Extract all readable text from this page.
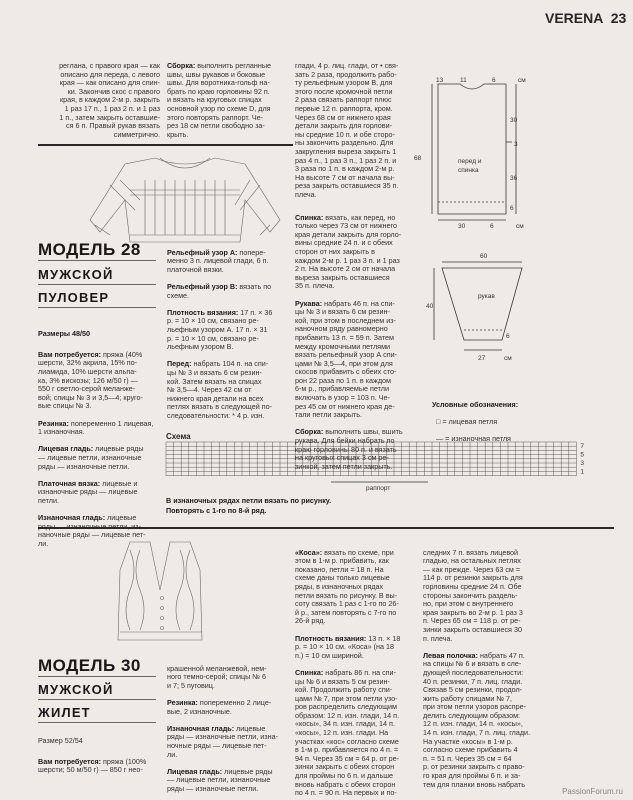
VERENA 23
реглана, с правого края — как
описано для переда, с левого
края — как описано для спин-
ки. Закончив скос с правого
края, в каждом 2-м р. закрыть
1 раз 17 п., 1 раз 2 п. и 1 раз
1 п., затем закрыть оставшие-
ся 6 п. Правый рукав вязать
симметрично.
Сборка: выполнить регланные
швы, швы рукавов и боковые
швы. Для воротника-гольф на-
брать по краю горловины 92 п.
и вязать на круговых спицах
основной узор по схеме D, для
этого повторять раппорт. Че-
рез 18 см петли свободно за-
крыть.
глади, 4 р. лиц. глади, от • свя-
зать 2 раза, продолжить рабо-
ту рельефным узором В, для
этого после кромочной петли
2 раза связать раппорт плюс
первые 12 п. раппорта, кром.
Через 68 см от нижнего края
детали закрыть для горлови-
ны средние 10 п. и обе сторо-
ны закончить раздельно. Для
закругления выреза закрыть 1
раз 4 п., 1 раз 3 п., 1 раз 2 п. и
3 раза по 1 п. в каждом 2-м р.
На высоте 7 см от начала вы-
реза закрыть оставшиеся 35 п.
плеча.
МОДЕЛЬ 28
МУЖСКОЙ
ПУЛОВЕР

Размеры 48/50

Вам потребуется: пряжа (40%
шерсти, 32% акрила, 15% по-
лиамида, 10% шерсти альпа-
ка, 3% вискозы; 126 м/50 г) —
550 г светло-серой меланже-
вой; спицы № 3 и 3,5—4; круго-
вые спицы № 3.

Резинка: попеременно 1 лицевая,
1 изнаночная.

Лицевая гладь: лицевые ряды
— лицевые петли, изнаночные
ряды — изнаночные петли.

Платочная вязка: лицевые и
изнаночные ряды — лицевые
петли.

Изнаночная гладь: лицевые

наночные ряды — лицевые пет-
ли.

Рельефный узор А: попере-
менно 3 п. лицевой глади, 6 п.
платочной вязки.

Рельефный узор В: вязать по
схеме.

Плотность вязания: 17 п. × 36
р. = 10 × 10 см, связано ре-
льефным узором А. 17 п. × 31
р. = 10 × 10 см, связано ре-
льефным узором В.

Перед: набрать 104 п. на спи-
цы № 3 и вязать 6 см резин-
кой. Затем вязать на спицах
№ 3,5—4. Через 42 см от
нижнего края детали на всех
петлях вязать в следующей по-
следовательности: * 4 р. изн.

Спинка: вязать, как перед, но
только через 73 см от нижнего
края детали закрыть для горло-
вины средние 24 п. и с обеих
сторон от них закрыть в
каждом 2-м р. 1 раз 3 п. и 1 раз
2 п. На высоте 2 см от начала
выреза закрыть оставшиеся
35 п. плеча.

Рукава: набрать 46 п. на спи-
цы № 3 и вязать 6 см резин-
кой, при этом в последнем из-
наночном ряду равномерно
прибавить 13 п. = 59 п. Затем
между кромочными петлями
вязать рельефный узор А спи-
цами № 3,5—4, при этом для
скосов прибавить с обеих сто-
рон 22 раза по 1 п. в каждом
6-м р., прибавляемые петли
включать в узор = 103 п. Че-
рез 45 см от нижнего края де-
тали петли закрыть.

Сборка: выполнить швы, вшить
рукава. Для бейки набрать по
краю горловины 80 п. и вязать
на круговых спицах 3 см ре-
зинкой, затем петли закрыть.

11
13	6	см
30
3
36
6
68
30	6	см
перед и
спинка
60
40
6
27	см
рукав

Условные обозначения:

□ = лицевая петля

— = изнаночная петля

Схема
7
5
3
1
раппорт
В изнаночных рядах петли вязать по рисунку.
Повторять с 1-го по 8-й ряд.
МОДЕЛЬ 30
МУЖСКОЙ
ЖИЛЕТ

Размер 52/54

Вам потребуется: пряжа (100%
шерсти; 50 м/50 г) — 850 г нео-

крашенной меланжевой, нем-
ного темно-серой; спицы № 6
и 7; 5 пуговиц.

Резинка: попеременно 2 лице-
вые, 2 изнаночные.

Изнаночная гладь: лицевые
ряды — изнаночные петли, изна-
ночные ряды — лицевые пет-
ли.

Лицевая гладь: лицевые ряды
— лицевые петли, изнаночные
ряды — изнаночные петли.

«Коса»: вязать по схеме, при
этом в 1-м р. прибавить, как
показано, петли = 18 п. На
схеме даны только лицевые
ряды, в изнаночных рядах
петли вязать по рисунку. В вы-
соту связать 1 раз с 1-го по 26-
й р., затем повторять с 7-го по
26-й ряд.

Плотность вязания: 13 п. × 18
р. = 10 × 10 см. «Коса» (на 18
п.) = 10 см шириной.

Спинка: набрать 86 п. на спи-
цы № 6 и вязать 5 см резин-
кой. Продолжить работу спи-
цами № 7, при этом петли узо-
ров распределить следующим
образом: 12 п. изн. глади, 14 п.
«косы», 34 п. изн. глади, 14 п.
«косы», 12 п. изн. глади. На
участках «кос» согласно схеме
в 1-м р. прибавляется по 4 п. =
94 п. Через 35 см = 64 р. от ре-
зинки закрыть с обеих сторон
для проймы по 6 п. и дальше
вновь набрать с обеих сторон
по 4 п. = 90 п. На первых и по-

следних 7 п. вязать лицевой
гладью, на остальных петлях
— как прежде. Через 63 см =
114 р. от резинки закрыть для
горловины средние 24 п. Обе
стороны закончить раздель-
но, при этом с внутреннего
края закрыть во 2-м р. 1 раз 3
п. Через 65 см = 118 р. от ре-
зинки закрыть оставшиеся 30
п. плеча.

Левая полочка: набрать 47 п.
на спицы № 6 и вязать в сле-
дующей последовательности:
40 п. резинки, 7 п. лиц. глади.
Связав 5 см резинки, продол-
жить работу спицами № 7,
при этом петли узоров распре-
делить следующим образом:
12 п. изн. глади, 14 п. «косы»,
14 п. изн. глади, 7 п. лиц. глади.
На участке «косы» в 1-м р.
согласно схеме прибавить 4
п. = 51 п. Через 35 см = 64
р. от резинки закрыть с право-
го края для проймы 6 п. и за-
тем для планки вновь набрать

PassionForum.ru
